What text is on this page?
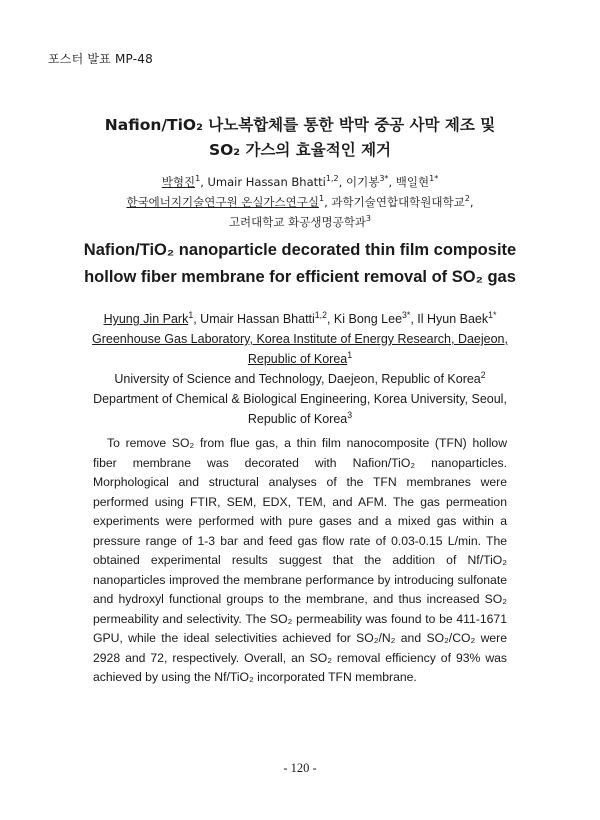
포스터 발표 MP-48
Nafion/TiO₂ 나노복합체를 통한 박막 중공 사막 제조 및
SO₂ 가스의 효율적인 제거
박형진$^1$, Umair Hassan Bhatti$^{1,2}$, 이기봉$^{3*}$, 백일현$^{1*}$
한국에너지기술연구원 온실가스연구실$^1$, 과학기술연합대학원대학교$^2$,
고려대학교 화공생명공학과$^3$
Nafion/TiO₂ nanoparticle decorated thin film composite
hollow fiber membrane for efficient removal of SO₂ gas
Hyung Jin Park$^1$, Umair Hassan Bhatti$^{1,2}$, Ki Bong Lee$^{3*}$, Il Hyun Baek$^{1*}$
Greenhouse Gas Laboratory, Korea Institute of Energy Research, Daejeon,
Republic of Korea$^1$
University of Science and Technology, Daejeon, Republic of Korea$^2$
Department of Chemical & Biological Engineering, Korea University, Seoul,
Republic of Korea$^3$

To remove SO₂ from flue gas, a thin film nanocomposite (TFN) hollow fiber membrane was decorated with Nafion/TiO₂ nanoparticles. Morphological and structural analyses of the TFN membranes were performed using FTIR, SEM, EDX, TEM, and AFM. The gas permeation experiments were performed with pure gases and a mixed gas within a pressure range of 1-3 bar and feed gas flow rate of 0.03-0.15 L/min. The obtained experimental results suggest that the addition of Nf/TiO₂ nanoparticles improved the membrane performance by introducing sulfonate and hydroxyl functional groups to the membrane, and thus increased SO₂ permeability and selectivity. The SO₂ permeability was found to be 411-1671 GPU, while the ideal selectivities achieved for SO₂/N₂ and SO₂/CO₂ were 2928 and 72, respectively. Overall, an SO₂ removal efficiency of 93% was achieved by using the Nf/TiO₂ incorporated TFN membrane.

- 120 -
